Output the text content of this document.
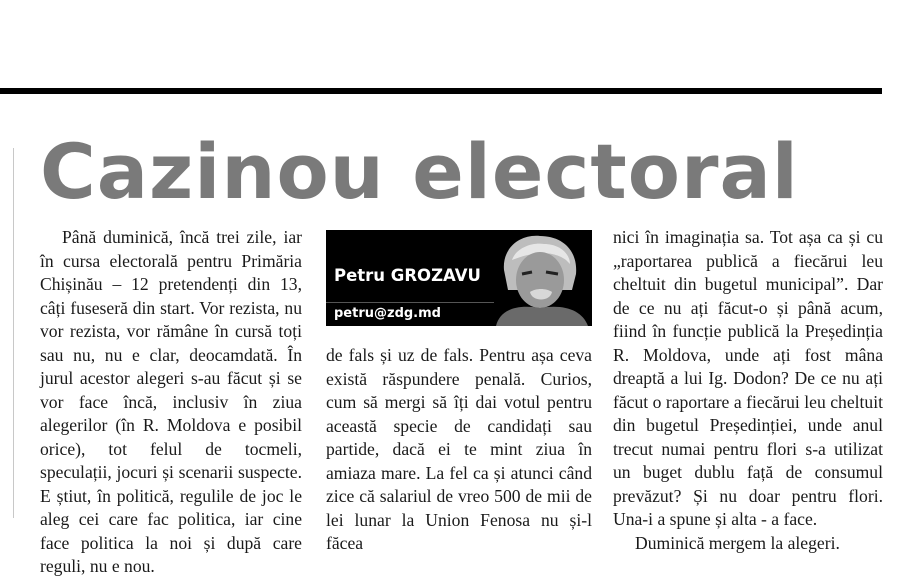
Cazinou electoral

Până duminică, încă trei zile, iar în cursa electorală pentru Primăria Chișinău – 12 pretendenți din 13, câți fuseseră din start. Vor rezista, nu vor rezista, vor rămâne în cursă toți sau nu, nu e clar, deocamdată. În jurul acestor alegeri s-au făcut și se vor face încă, inclusiv în ziua alegerilor (în R. Moldova e posibil orice), tot felul de tocmeli, speculații, jocuri și scenarii suspecte. E știut, în politică, regulile de joc le aleg cei care fac politica, iar cine face politica la noi și după care reguli, nu e nou.

Petru GROZAVU
petru@zdg.md

de fals și uz de fals. Pentru așa ceva există răspundere penală. Curios, cum să mergi să îți dai votul pentru această specie de candidați sau partide, dacă ei te mint ziua în amiaza mare. La fel ca și atunci când zice că salariul de vreo 500 de mii de lei lunar la Union Fenosa nu și-l făcea

nici în imaginația sa. Tot așa ca și cu „raportarea publică a fiecărui leu cheltuit din bugetul municipal”. Dar de ce nu ați făcut-o și până acum, fiind în funcție publică la Președinția R. Moldova, unde ați fost mâna dreaptă a lui Ig. Dodon? De ce nu ați făcut o raportare a fiecărui leu cheltuit din bugetul Președinției, unde anul trecut numai pentru flori s-a utilizat un buget dublu față de consumul prevăzut? Și nu doar pentru flori. Una-i a spune și alta - a face.

Duminică mergem la alegeri.
